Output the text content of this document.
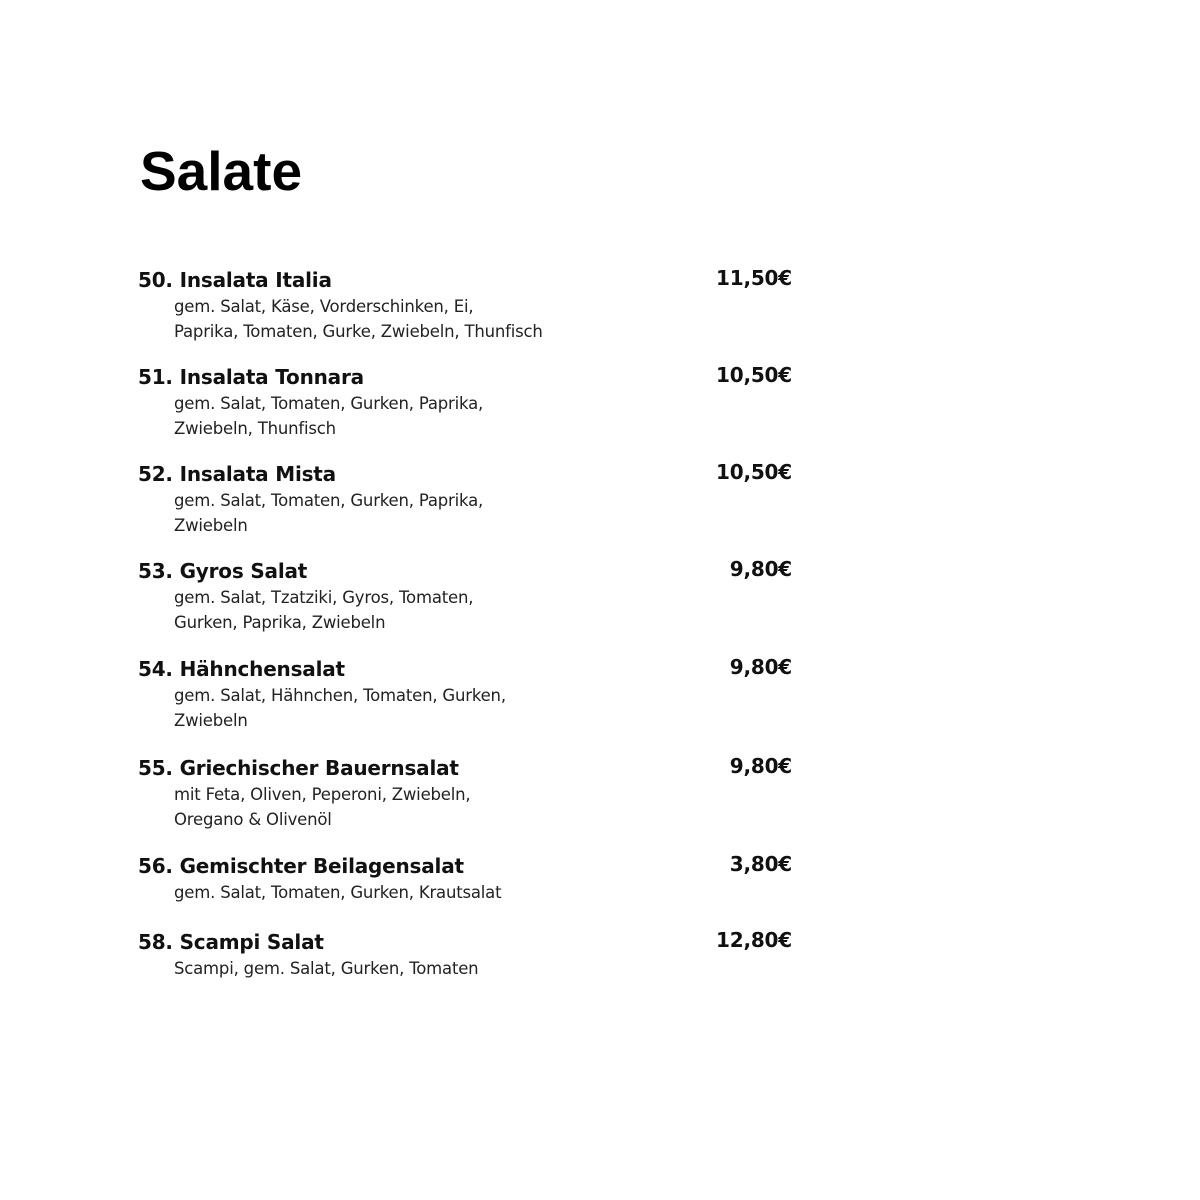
Salate
50. Insalata Italia	11,50€

gem. Salat, Käse, Vorderschinken, Ei,
Paprika, Tomaten, Gurke, Zwiebeln, Thunfisch

51. Insalata Tonnara	10,50€

gem. Salat, Tomaten, Gurken, Paprika,
Zwiebeln, Thunfisch

52. Insalata Mista	10,50€

gem. Salat, Tomaten, Gurken, Paprika,
Zwiebeln

53. Gyros Salat	9,80€

gem. Salat, Tzatziki, Gyros, Tomaten,
Gurken, Paprika, Zwiebeln

54. Hähnchensalat	9,80€

gem. Salat, Hähnchen, Tomaten, Gurken,
Zwiebeln

55. Griechischer Bauernsalat	9,80€

mit Feta, Oliven, Peperoni, Zwiebeln,
Oregano & Olivenöl

56. Gemischter Beilagensalat	3,80€

gem. Salat, Tomaten, Gurken, Krautsalat

58. Scampi Salat	12,80€

Scampi, gem. Salat, Gurken, Tomaten
